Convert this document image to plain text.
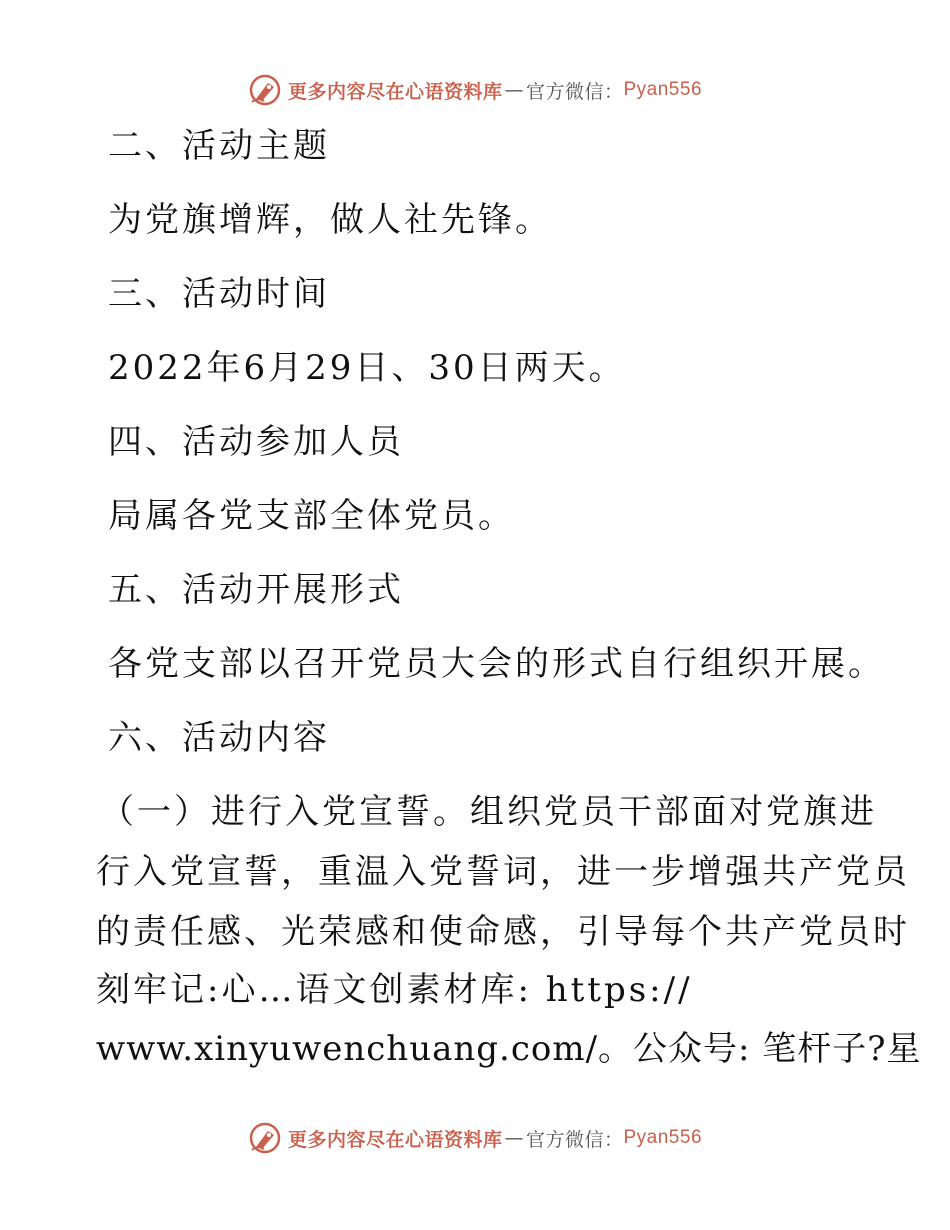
更多内容尽在心语资料库 — 官方微信： Pyan556
二、活动主题
为党旗增辉，做人社先锋。
三、活动时间
2022年6月29日、30日两天。
四、活动参加人员
局属各党支部全体党员。
五、活动开展形式
各党支部以召开党员大会的形式自行组织开展。
六、活动内容
（一）进行入党宣誓。组织党员干部面对党旗进
行入党宣誓，重温入党誓词，进一步增强共产党员
的责任感、光荣感和使命感，引导每个共产党员时
刻牢记:心…语文创素材库: https://
www.xinyuwenchuang.com/。公众号: 笔杆子?星
更多内容尽在心语资料库 — 官方微信： Pyan556
